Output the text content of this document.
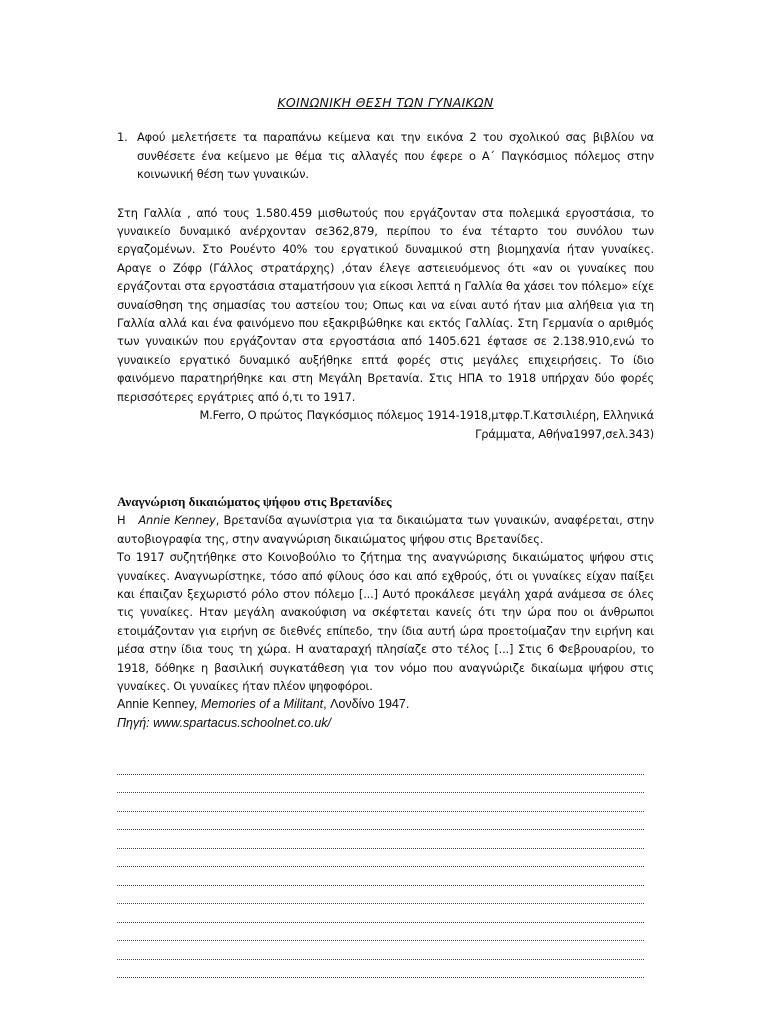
ΚΟΙΝΩΝΙΚΗ ΘΕΣΗ ΤΩΝ ΓΥΝΑΙΚΩΝ
1. Αφού μελετήσετε τα παραπάνω κείμενα και την εικόνα 2 του σχολικού σας βιβλίου να συνθέσετε ένα κείμενο με θέμα τις αλλαγές που έφερε ο Α΄ Παγκόσμιος πόλεμος στην κοινωνική θέση των γυναικών.
Στη Γαλλία , από τους 1.580.459 μισθωτούς που εργάζονταν στα πολεμικά εργοστάσια, το γυναικείο δυναμικό ανέρχονταν σε362,879, περίπου το ένα τέταρτο του συνόλου των εργαζομένων. Στο Ρουέντο 40% του εργατικού δυναμικού στη βιομηχανία ήταν γυναίκες. Αραγε ο Ζόφρ (Γάλλος στρατάρχης) ,όταν έλεγε αστειευόμενος ότι «αν οι γυναίκες που εργάζονται στα εργοστάσια σταματήσουν για είκοσι λεπτά η Γαλλία θα χάσει τον πόλεμο» είχε συναίσθηση της σημασίας του αστείου του; Οπως και να είναι αυτό ήταν μια αλήθεια για τη Γαλλία αλλά και ένα φαινόμενο που εξακριβώθηκε και εκτός Γαλλίας. Στη Γερμανία ο αριθμός των γυναικών που εργάζονταν στα εργοστάσια από 1405.621 έφτασε σε 2.138.910,ενώ το γυναικείο εργατικό δυναμικό αυξήθηκε επτά φορές στις μεγάλες επιχειρήσεις. Το ίδιο φαινόμενο παρατηρήθηκε και στη Μεγάλη Βρετανία. Στις ΗΠΑ το 1918 υπήρχαν δύο φορές περισσότερες εργάτριες από ό,τι το 1917.
Μ.Ferro, Ο πρώτος Παγκόσμιος πόλεμος 1914-1918,μτφρ.Τ.Κατσιλιέρη, Ελληνικά
Γράμματα, Αθήνα1997,σελ.343)
Αναγνώριση δικαιώματος ψήφου στις Βρετανίδες
Η   Annie Kenney, Βρετανίδα αγωνίστρια για τα δικαιώματα των γυναικών, αναφέρεται, στην αυτοβιογραφία της, στην αναγνώριση δικαιώματος ψήφου στις Βρετανίδες.
Το 1917 συζητήθηκε στο Κοινοβούλιο το ζήτημα της αναγνώρισης δικαιώματος ψήφου στις γυναίκες. Αναγνωρίστηκε, τόσο από φίλους όσο και από εχθρούς, ότι οι γυναίκες είχαν παίξει και έπαιζαν ξεχωριστό ρόλο στον πόλεμο [...] Αυτό προκάλεσε μεγάλη χαρά ανάμεσα σε όλες τις γυναίκες. Ηταν μεγάλη ανακούφιση να σκέφτεται κανείς ότι την ώρα που οι άνθρωποι ετοιμάζονταν για ειρήνη σε διεθνές επίπεδο, την ίδια αυτή ώρα προετοίμαζαν την ειρήνη και μέσα στην ίδια τους τη χώρα. Η αναταραχή πλησίαζε στο τέλος [...] Στις 6 Φεβρουαρίου, το 1918, δόθηκε η βασιλική συγκατάθεση για τον νόμο που αναγνώριζε δικαίωμα ψήφου στις γυναίκες. Οι γυναίκες ήταν πλέον ψηφοφόροι.
Annie Kenney, Memories of a Militant, Λονδίνο 1947.
Πηγή: www.spartacus.schoolnet.co.uk/
